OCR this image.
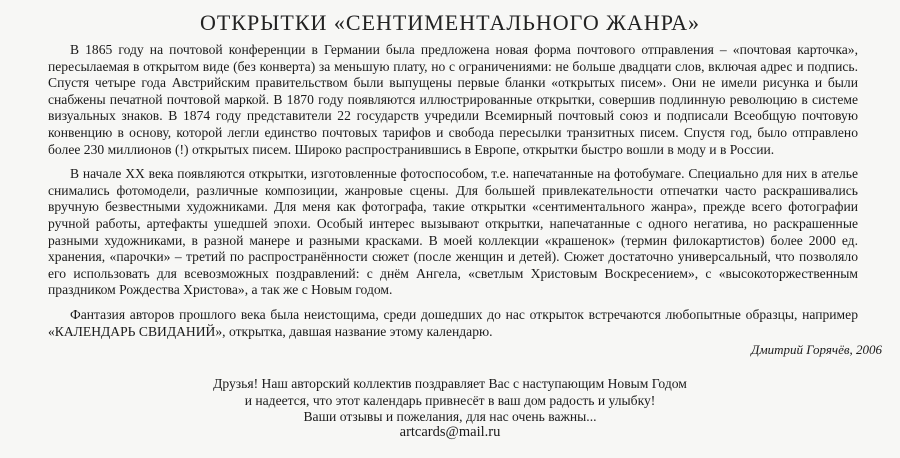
ОТКРЫТКИ «СЕНТИМЕНТАЛЬНОГО ЖАНРА»

В 1865 году на почтовой конференции в Германии была предложена новая форма почтового отправления – «почтовая карточка», пересылаемая в открытом виде (без конверта) за меньшую плату, но с ограничениями: не больше двадцати слов, включая адрес и подпись. Спустя четыре года Австрийским правительством были выпущены первые бланки «открытых писем». Они не имели рисунка и были снабжены печатной почтовой маркой. В 1870 году появляются иллюстрированные открытки, совершив подлинную революцию в системе визуальных знаков. В 1874 году представители 22 государств учредили Всемирный почтовый союз и подписали Всеобщую почтовую конвенцию в основу, которой легли единство почтовых тарифов и свобода пересылки транзитных писем. Спустя год, было отправлено более 230 миллионов (!) открытых писем. Широко распространившись в Европе, открытки быстро вошли в моду и в России.

В начале ХХ века появляются открытки, изготовленные фотоспособом, т.е. напечатанные на фотобумаге. Специально для них в ателье снимались фотомодели, различные композиции, жанровые сцены. Для большей привлекательности отпечатки часто раскрашивались вручную безвестными художниками. Для меня как фотографа, такие открытки «сентиментального жанра», прежде всего фотографии ручной работы, артефакты ушедшей эпохи. Особый интерес вызывают открытки, напечатанные с одного негатива, но раскрашенные разными художниками, в разной манере и разными красками. В моей коллекции «крашенок» (термин филокартистов) более 2000 ед. хранения, «парочки» – третий по распространённости сюжет (после женщин и детей). Сюжет достаточно универсальный, что позволяло его использовать для всевозможных поздравлений: с днём Ангела, «светлым Христовым Воскресением», с «высокоторжественным праздником Рождества Христова», а так же с Новым годом.

Фантазия авторов прошлого века была неистощима, среди дошедших до нас открыток встречаются любопытные образцы, например «КАЛЕНДАРЬ СВИДАНИЙ», открытка, давшая название этому календарю.

Дмитрий Горячёв, 2006
Друзья! Наш авторский коллектив поздравляет Вас с наступающим Новым Годом
и надеется, что этот календарь привнесёт в ваш дом радость и улыбку!
Ваши отзывы и пожелания, для нас очень важны...
artcards@mail.ru
